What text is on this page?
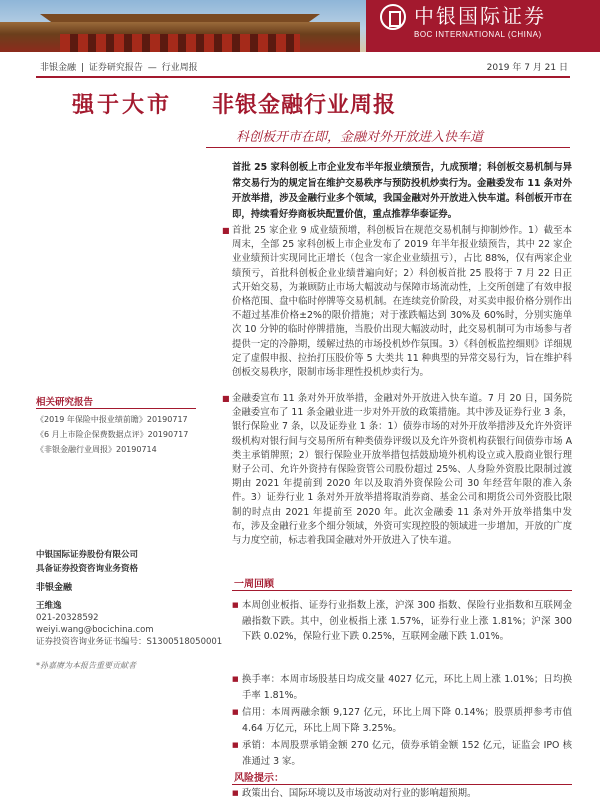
中银国际证券
BOC INTERNATIONAL (CHINA)
非银金融 | 证券研究报告 — 行业周报	2019 年 7 月 21 日
强于大市 非银金融行业周报
科创板开市在即，金融对外开放进入快车道
首批 25 家科创板上市企业发布半年报业绩预告，九成预增；科创板交易机制与异常交易行为的规定旨在维护交易秩序与预防投机炒卖行为。金融委发布 11 条对外开放举措，涉及金融行业多个领域，我国金融对外开放进入快车道。科创板开市在即，持续看好券商板块配置价值，重点推荐华泰证券。
■ 首批 25 家企业 9 成业绩预增，科创板旨在规范交易机制与抑制炒作。1）截至本周末，全部 25 家科创板上市企业发布了 2019 年半年报业绩预告，其中 22 家企业业绩预计实现同比正增长（包含一家企业业绩扭亏），占比 88%，仅有两家企业绩预亏，首批科创板企业业绩普遍向好；2）科创板首批 25 股将于 7 月 22 日正式开始交易，为兼顾防止市场大幅波动与保障市场流动性，上交所创建了有效申报价格范围、盘中临时停牌等交易机制。在连续竞价阶段，对买卖申报价格分别作出不超过基准价格±2%的限价措施；对于涨跌幅达到 30%及 60%时，分别实施单次 10 分钟的临时停牌措施，当股价出现大幅波动时，此交易机制可为市场参与者提供一定的冷静期，缓解过热的市场投机炒作氛围。3）《科创板监控细则》详细规定了虚假申报、拉抬打压股价等 5 大类共 11 种典型的异常交易行为，旨在维护科创板交易秩序，限制市场非理性投机炒卖行为。
■ 金融委宣布 11 条对外开放举措，金融对外开放进入快车道。7 月 20 日，国务院金融委宣布了 11 条金融业进一步对外开放的政策措施。其中涉及证券行业 3 条，银行保险业 7 条，以及证券业 1 条：1）债券市场的对外开放举措涉及允许外资评级机构对银行间与交易所所有种类债券评级以及允许外资机构获银行间债券市场 A 类主承销牌照；2）银行保险业开放举措包括鼓励境外机构设立或入股商业银行理财子公司、允许外资持有保险资管公司股份超过 25%、人身险外资股比限制过渡期由 2021 年提前到 2020 年以及取消外资保险公司 30 年经营年限的准入条件。3）证券行业 1 条对外开放举措将取消券商、基金公司和期货公司外资股比限制的时点由 2021 年提前至 2020 年。此次金融委 11 条对外开放举措集中发布，涉及金融行业多个细分领域，外资可实现控股的领域进一步增加，开放的广度与力度空前，标志着我国金融对外开放进入了快车道。
一周回顾
■ 本周创业板指、证券行业指数上涨，沪深 300 指数、保险行业指数和互联网金融指数下跌。其中，创业板指上涨 1.57%，证券行业上涨 1.81%；沪深 300 下跌 0.02%，保险行业下跌 0.25%，互联网金融下跌 1.01%。
■ 换手率：本周市场股基日均成交量 4027 亿元，环比上周上涨 1.01%；日均换手率 1.81%。
■ 信用：本周两融余额 9,127 亿元，环比上周下降 0.14%；股票质押参考市值 4.64 万亿元，环比上周下降 3.25%。
■ 承销：本周股票承销金额 270 亿元，债券承销金额 152 亿元，证监会 IPO 核准通过 3 家。
风险提示：
■ 政策出台、国际环境以及市场波动对行业的影响超预期。
相关研究报告
《2019 年保险中报业绩前瞻》20190717
《6 月上市险企保费数据点评》20190717
《非银金融行业周报》20190714
中银国际证券股份有限公司
具备证券投资咨询业务资格
非银金融
王维逸
021-20328592
weiyi.wang@bocichina.com
证券投资咨询业务证书编号：S1300518050001
*孙嘉赓为本报告重要贡献者
